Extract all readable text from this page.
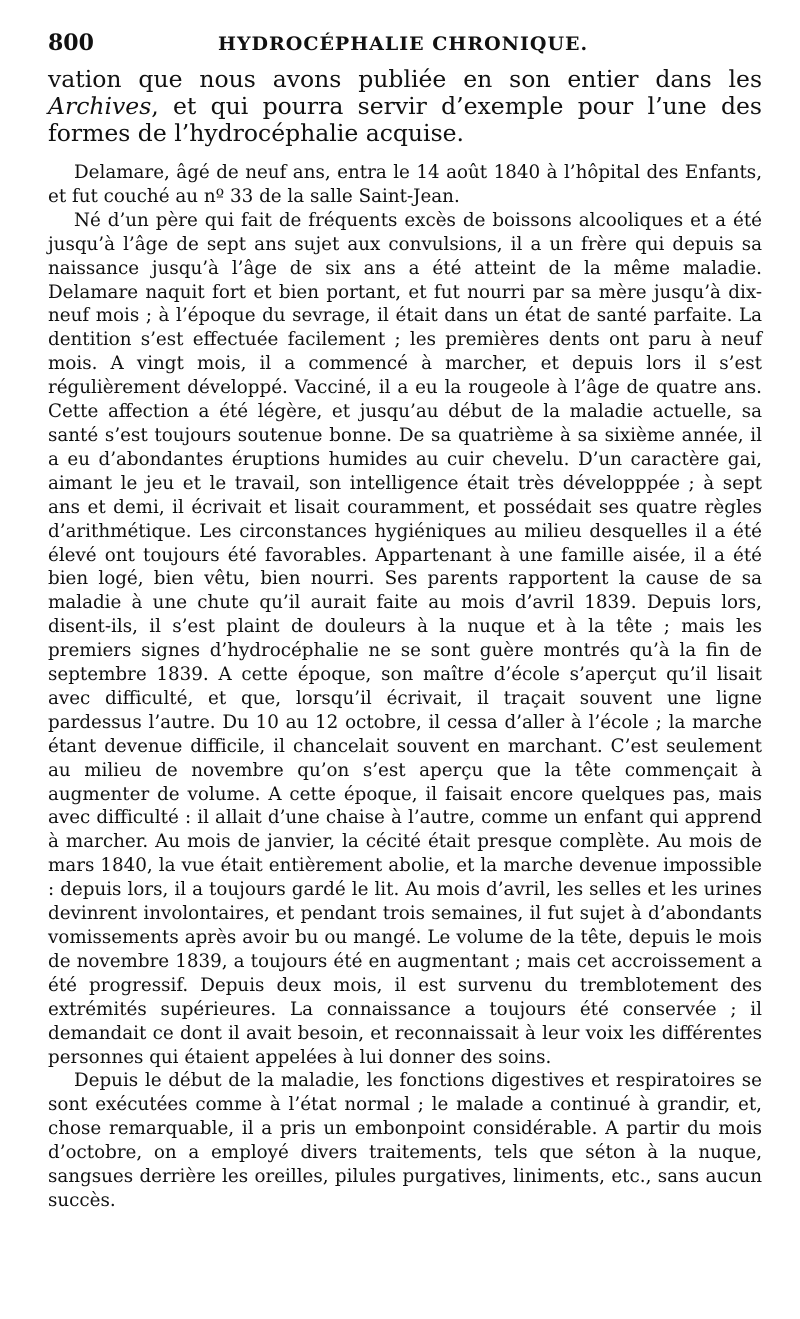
800	HYDROCÉPHALIE CHRONIQUE.

vation que nous avons publiée en son entier dans les Archives, et qui pourra servir d’exemple pour l’une des formes de l’hydrocéphalie acquise.

Delamare, âgé de neuf ans, entra le 14 août 1840 à l’hôpital des Enfants, et fut couché au nº 33 de la salle Saint-Jean.

Né d’un père qui fait de fréquents excès de boissons alcooliques et a été jusqu’à l’âge de sept ans sujet aux convulsions, il a un frère qui depuis sa naissance jusqu’à l’âge de six ans a été atteint de la même maladie. Delamare naquit fort et bien portant, et fut nourri par sa mère jusqu’à dix-neuf mois ; à l’époque du sevrage, il était dans un état de santé parfaite. La dentition s’est effectuée facilement ; les premières dents ont paru à neuf mois. A vingt mois, il a commencé à marcher, et depuis lors il s’est régulièrement développé. Vacciné, il a eu la rougeole à l’âge de quatre ans. Cette affection a été légère, et jusqu’au début de la maladie actuelle, sa santé s’est toujours soutenue bonne. De sa quatrième à sa sixième année, il a eu d’abondantes éruptions humides au cuir chevelu. D’un caractère gai, aimant le jeu et le travail, son intelligence était très développpée ; à sept ans et demi, il écrivait et lisait couramment, et possédait ses quatre règles d’arithmétique. Les circonstances hygiéniques au milieu desquelles il a été élevé ont toujours été favorables. Appartenant à une famille aisée, il a été bien logé, bien vêtu, bien nourri. Ses parents rapportent la cause de sa maladie à une chute qu’il aurait faite au mois d’avril 1839. Depuis lors, disent-ils, il s’est plaint de douleurs à la nuque et à la tête ; mais les premiers signes d’hydrocéphalie ne se sont guère montrés qu’à la fin de septembre 1839. A cette époque, son maître d’école s’aperçut qu’il lisait avec difficulté, et que, lorsqu’il écrivait, il traçait souvent une ligne pardessus l’autre. Du 10 au 12 octobre, il cessa d’aller à l’école ; la marche étant devenue difficile, il chancelait souvent en marchant. C’est seulement au milieu de novembre qu’on s’est aperçu que la tête commençait à augmenter de volume. A cette époque, il faisait encore quelques pas, mais avec difficulté : il allait d’une chaise à l’autre, comme un enfant qui apprend à marcher. Au mois de janvier, la cécité était presque complète. Au mois de mars 1840, la vue était entièrement abolie, et la marche devenue impossible : depuis lors, il a toujours gardé le lit. Au mois d’avril, les selles et les urines devinrent involontaires, et pendant trois semaines, il fut sujet à d’abondants vomissements après avoir bu ou mangé. Le volume de la tête, depuis le mois de novembre 1839, a toujours été en augmentant ; mais cet accroissement a été progressif. Depuis deux mois, il est survenu du tremblotement des extrémités supérieures. La connaissance a toujours été conservée ; il demandait ce dont il avait besoin, et reconnaissait à leur voix les différentes personnes qui étaient appelées à lui donner des soins.

Depuis le début de la maladie, les fonctions digestives et respiratoires se sont exécutées comme à l’état normal ; le malade a continué à grandir, et, chose remarquable, il a pris un embonpoint considérable. A partir du mois d’octobre, on a employé divers traitements, tels que séton à la nuque, sangsues derrière les oreilles, pilules purgatives, liniments, etc., sans aucun succès.
